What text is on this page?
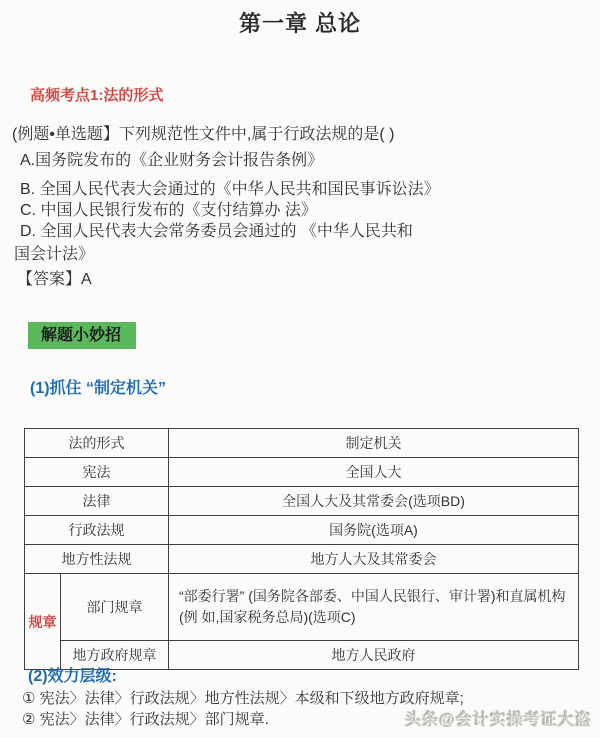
第一章 总论
高频考点1:法的形式
(例题•单选题】下列规范性文件中,属于行政法规的是( )
A.国务院发布的《企业财务会计报告条例》
B. 全国人民代表大会通过的《中华人民共和国民事诉讼法》
C. 中国人民银行发布的《支付结算办 法》
D. 全国人民代表大会常务委员会通过的 《中华人民共和
国会计法》
【答案】A
解题小妙招
(1)抓住 “制定机关”
法的形式		制定机关
宪法		全国人大
法律		全国人大及其常委会(选项BD)
行政法规		国务院(选项A)
地方性法规		地方人大及其常委会
规章	部门规章	“部委行署” (国务院各部委、中国人民银行、审计署)和直属机构(例 如,国家税务总局)(选项C)
	地方政府规章	地方人民政府
(2)效力层级:
① 宪法〉法律〉行政法规〉地方性法规〉本级和下级地方政府规章;
② 宪法〉法律〉行政法规〉部门规章.	头条@会计实操考证大盗
